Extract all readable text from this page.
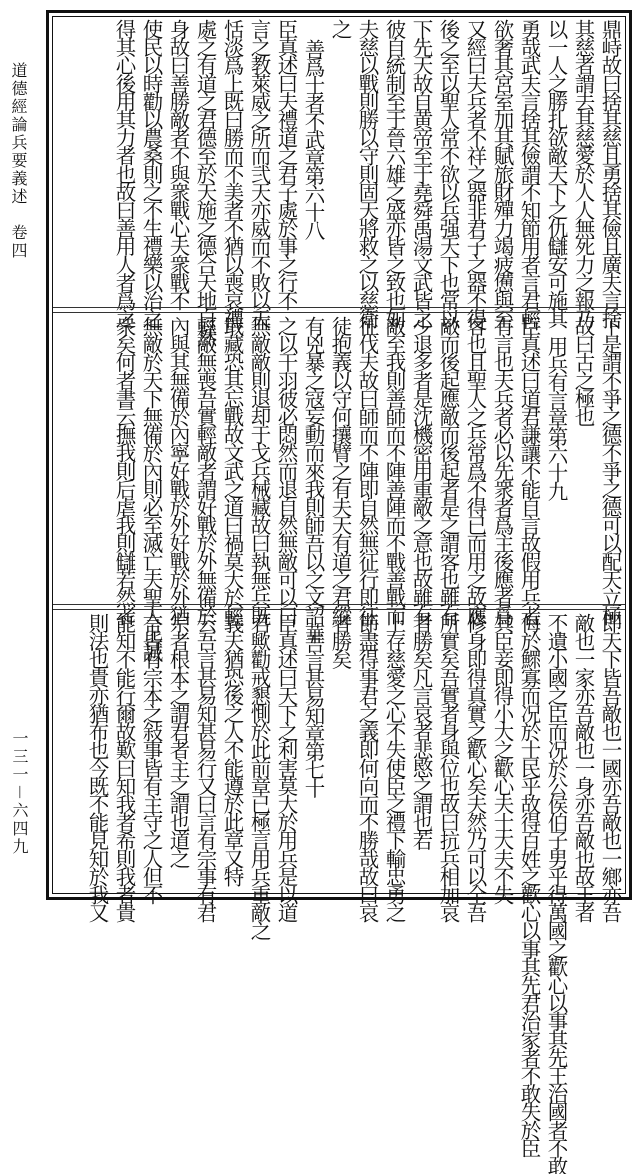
道德經論兵要義述　卷四
一三一－六四九
鼎峙故曰捨其慈且勇捨其儉且廣夫言捨
其慈者謂去其慈愛於人人無死力之報乃
以一人之勝扎欲敵天下之仇讎安可施其
勇哉武夫言捨其儉謂不知節用者言君輕
欲奢其宮室加其賦旅財殫力竭疲憊與至
又經曰夫兵者不祥之器非君子之器不得
後之至以聖人常不欲以兵强天下也常以
下先天故自黄帝至于堯舜禹湯文武皆之
彼自統制至于晉六雄之盛亦皆之致也如
夫慈以戰則勝以守則固天將救之以慈衛
之
善爲士者不武章第六十八
臣真述曰夫禮道之君子處於事之行不
言之教萊威之所而弐天亦威而不敗以天
恬淡爲上既曰勝而不美者不猶以喪哀禮
處之有道之君德至於天施之德合天地自然
身故曰善勝敵者不與衆戰心夫衆戰不
使民以時勸以農桑則之不生禮樂以治之
得其心後用其力者也故曰善用人者爲之
下是謂不爭之德不爭之德可以配天立極
故曰古之極也
用兵有言章第六十九
臣真述曰道君謙讓不能自言故假用兵者
有言也夫兵者必以先衆者爲主後應者爲
客也且聖人之兵常爲不得已而用之故應
敵而後起應敵而後起者是之謂客也雖有
少退多者是沈機密用重敵之意也故雖有
敵至我則善師而不陣善陣而不戰善戰而
征伐夫故曰師而不陣即自然無征行即征
徒抱義以守何攘臂之有夫天有道之君縱
有兇暴之寇妄動而來我則師吾以之文詔華
之以干羽彼必悶然而退自然無敵可以曰
無敵敵則退却于戈兵械藏故曰執無兵既
戢藏恐其忘戰故文武之道曰禍莫大於輕
輕敵無喪吾實輕敵者謂好戰於外無備於
內與其無備於內寧好戰於外好戰於外猶
無敵於天下無備於內則必至滅亡夫聖人上誠
衆矣何者書云撫我則后虐我則讎若然者
即天下皆吾敵也一國亦吾敵也一鄉亦吾
敵也一家亦吾敵也一身亦吾敵也故王者
不遺小國之臣而况於公侯伯子男乎得萬國之歡心以事其先王治國者不敢
侮於鰥寡而况於士民乎故得百姓之歡心以事其先君治家者不敢失於臣
其臣妾即得小大之歡心夫士大夫不失
修身即得真實之歡心矣夫然乃可以全吾
所實矣吾實者身與位也故曰抗兵相加哀
者勝矣凡言哀者悲愍之謂也若
上存慈愛之心不失使臣之禮下輸忠勇之
節盡得事君之義即何向而不勝哉故曰哀
者勝矣
吾言甚易知章第七十
臣真述曰天下之利害莫大於用兵是以道
君歟勸戒懇惻於此前章已極言用兵重敵之
義夫猶恐後之人不能遵於此章又特
云吾言甚易知甚易行又曰言有宗事有君
宗者根本之謂君者主之謂也道之
言皆有宗本之敍事皆有主守之人但不
能知不能行爾故歎曰知我者希則我者貴
則法也貴亦猶布也今既不能見知於我又
